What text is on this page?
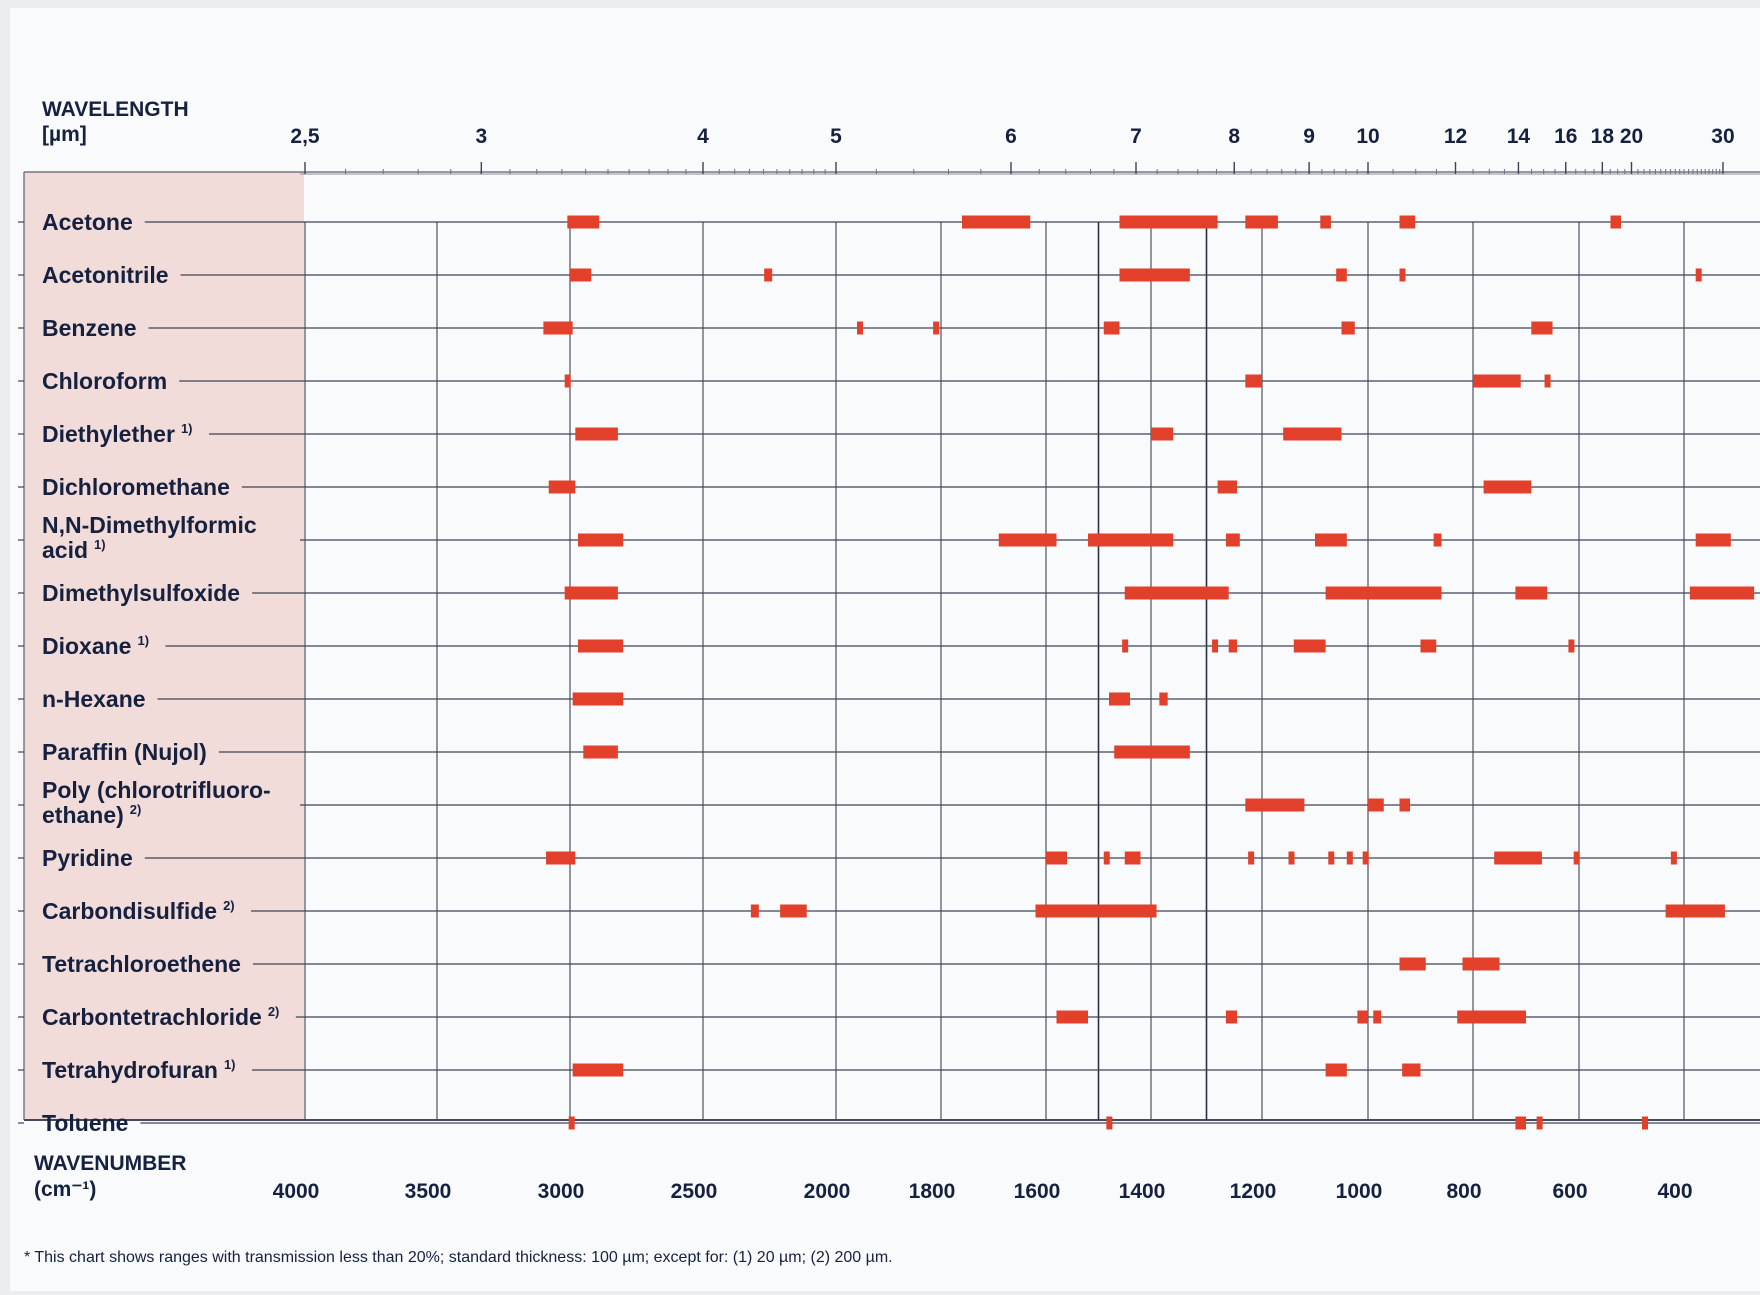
WAVELENGTH
[µm]	2,5	3	4	5	6	7	8	9 10	12 14 16 18 20	30
WAVENUMBER
(cm⁻¹)	4000	3500	3000	2500	2000	1800	1600	1400	1200	1000	800	600	400
Acetone
Acetonitrile
Benzene
Chloroform
Diethylether 1)
Dichloromethane
N,N-Dimethylformic
acid 1)
Dimethylsulfoxide
Dioxane 1)
n-Hexane
Paraffin (Nujol)
Poly (chlorotrifluoro-
ethane) 2)
Pyridine
Carbondisulfide 2)
Tetrachloroethene
Carbontetrachloride 2)
Tetrahydrofuran 1)
Toluene
* This chart shows ranges with transmission less than 20%; standard thickness: 100 µm; except for: (1) 20 µm; (2) 200 µm.
